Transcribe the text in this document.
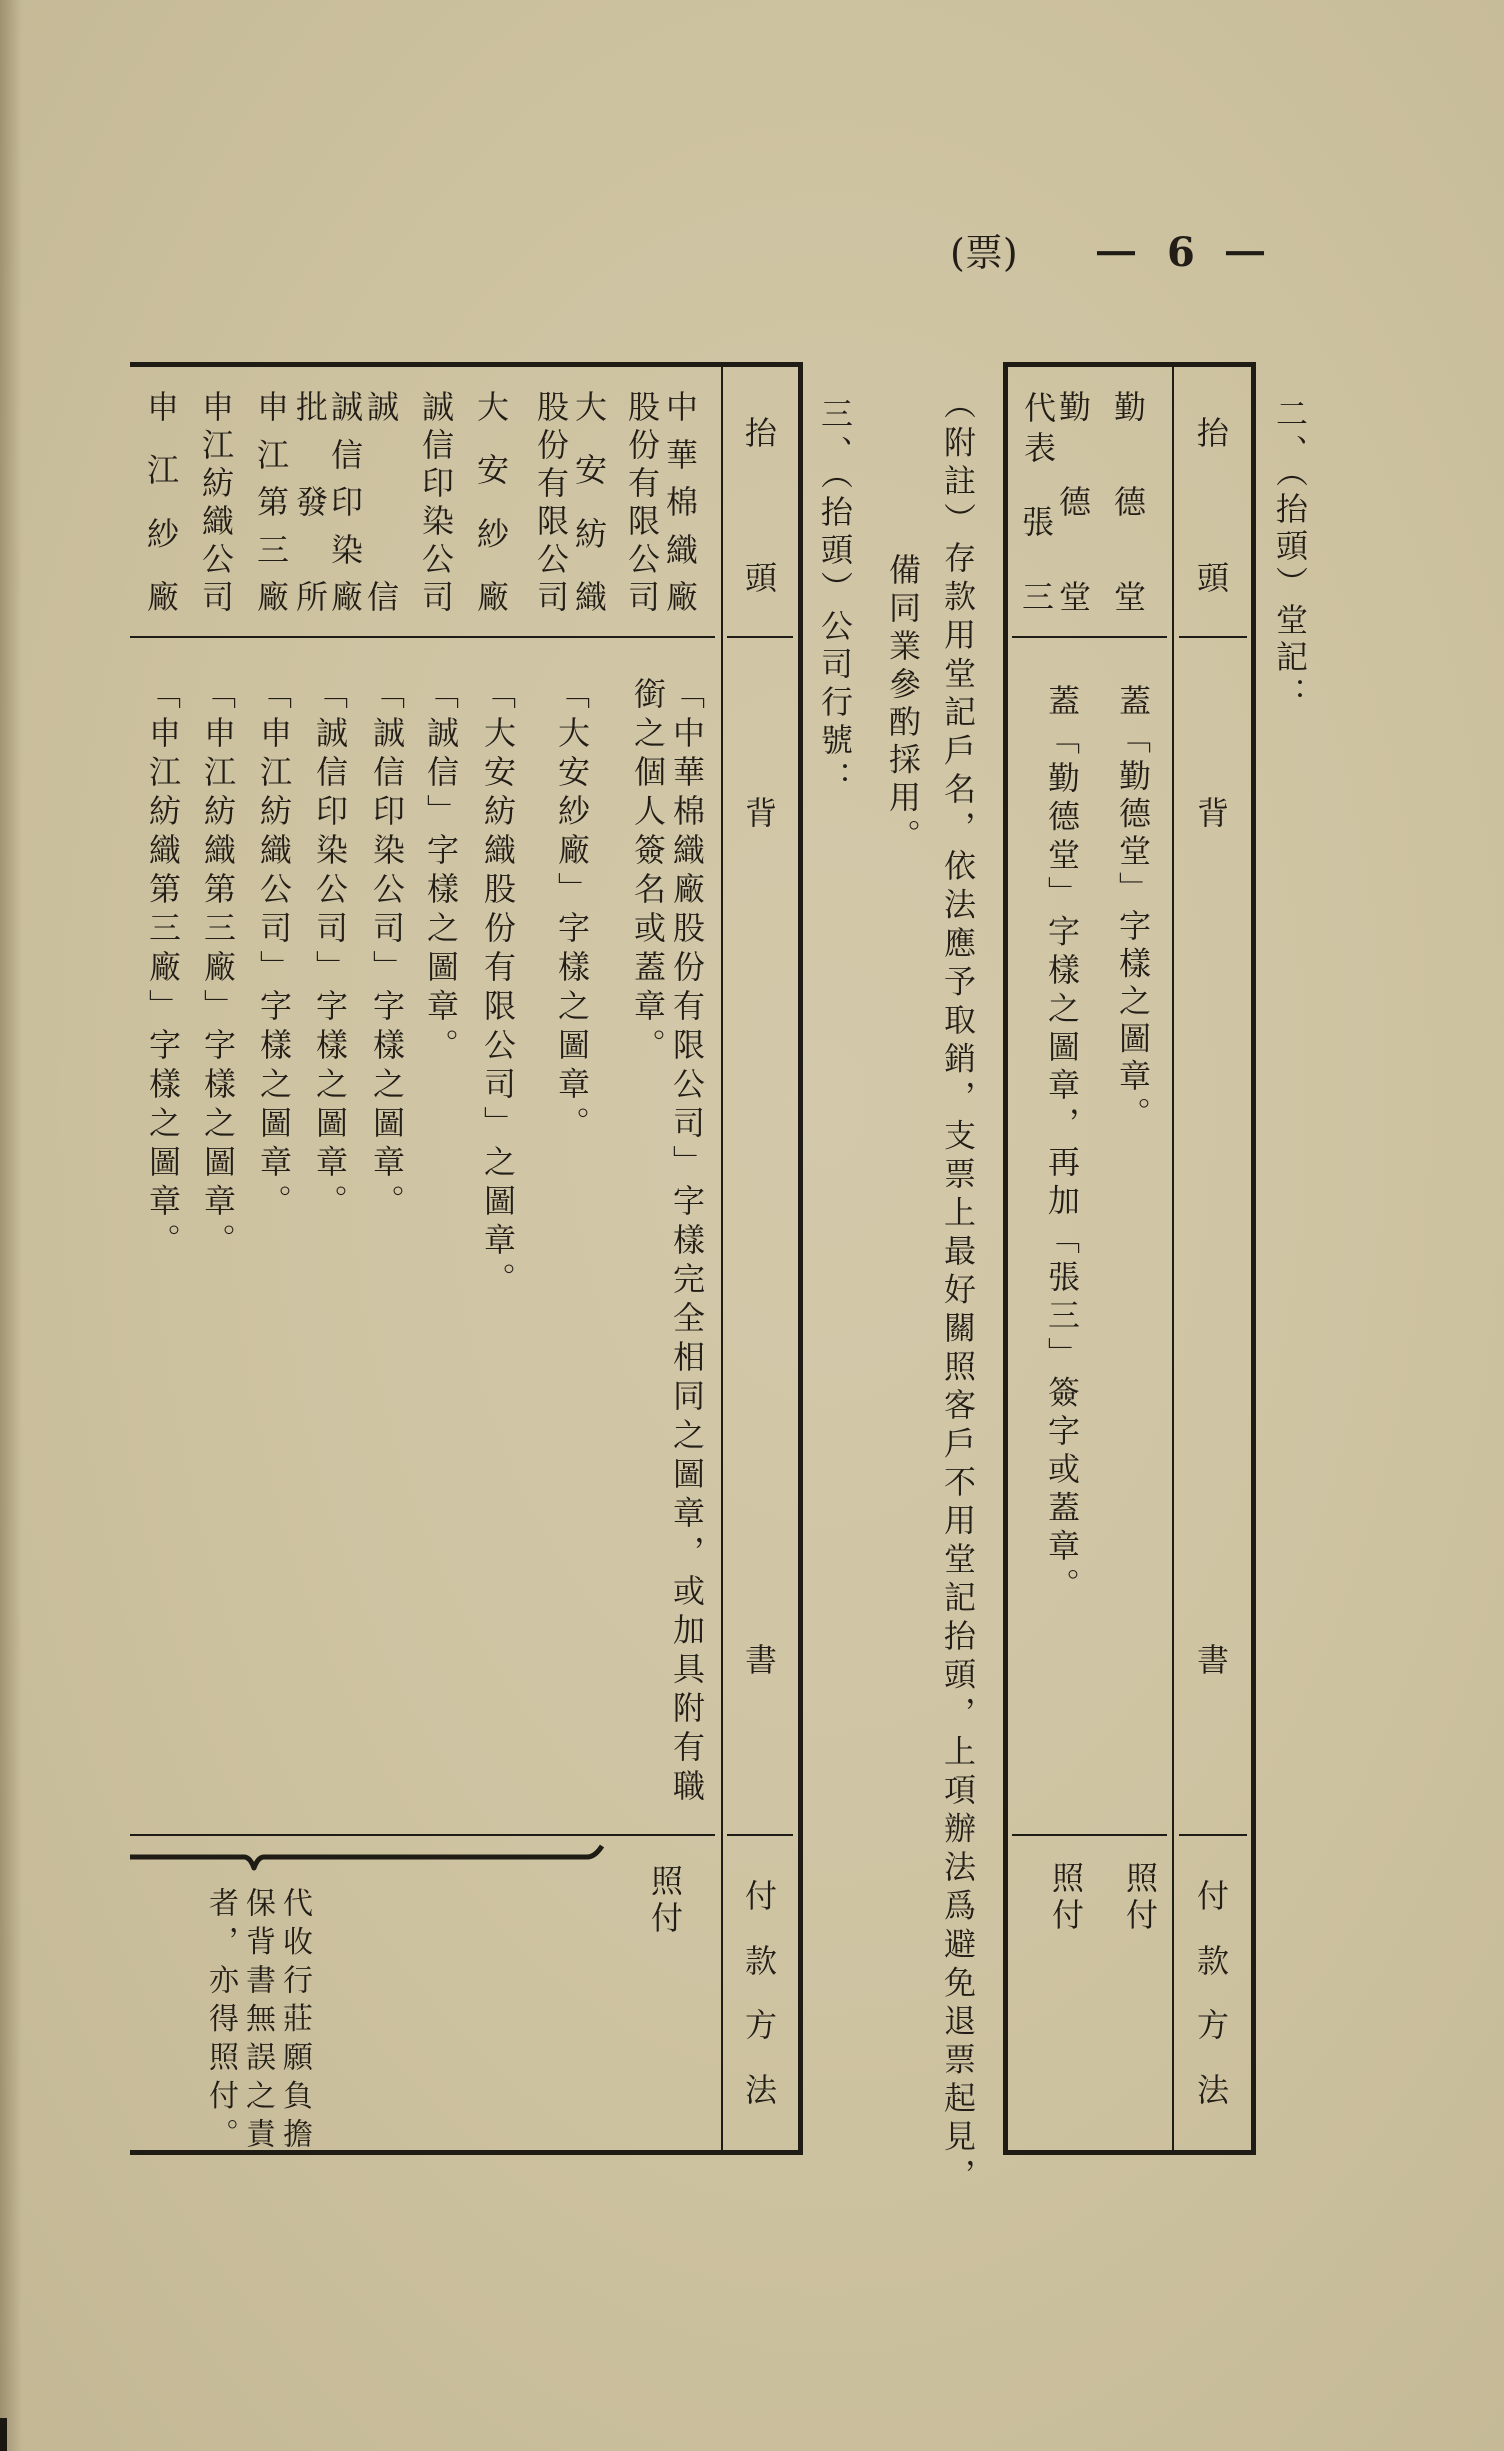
(票) — 6 —
二、（抬頭）堂記：
抬
頭
背
書
付
款
方
法
勤
德
堂
勤
德
堂
代表
張
三
蓋「勤德堂」字樣之圖章。
蓋「勤德堂」字樣之圖章，再加「張三」簽字或蓋章。
照付
照付
（附註）存款用堂記戶名，依法應予取銷，支票上最好關照客戶不用堂記抬頭，上項辦法爲避免退票起見，
備同業參酌採用。
三、（抬頭）公司行號：
抬
頭
背
書
付
款
方
法
中
華
棉
織
廠
股
份
有
限
公
司
大
安
紡
織
股
份
有
限
公
司
大
安
紗
廠
誠
信
印
染
公
司
誠
信
誠
信
印
染
廠
批
發
所
申
江
第
三
廠
申
江
紡
織
公
司
申
江
紗
廠
「中華棉織廠股份有限公司」字樣完全相同之圖章，或加具附有職
銜之個人簽名或蓋章。
「大安紗廠」字樣之圖章。
「大安紡織股份有限公司」之圖章。
「誠信」字樣之圖章。
「誠信印染公司」字樣之圖章。
「誠信印染公司」字樣之圖章。
「申江紡織公司」字樣之圖章。
「申江紡織第三廠」字樣之圖章。
「申江紡織第三廠」字樣之圖章。
照付
代收行莊願負擔
保背書無誤之責
者，亦得照付。
